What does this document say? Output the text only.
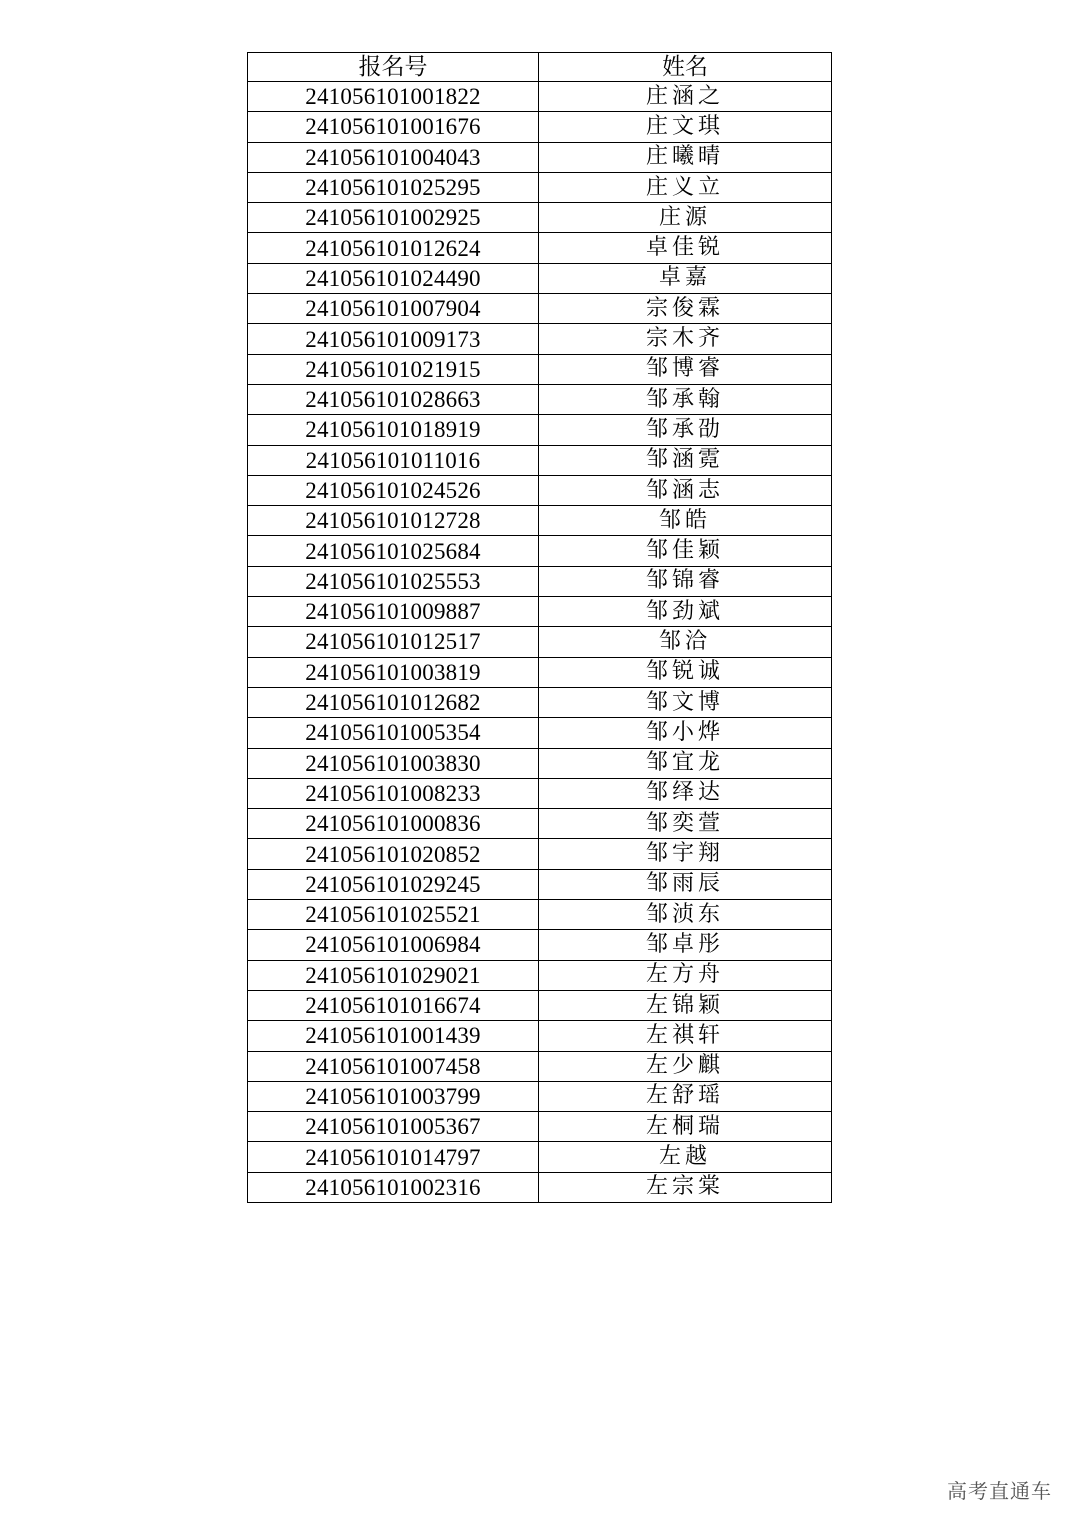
报名号	姓名
241056101001822	庄涵之
241056101001676	庄文琪
241056101004043	庄曦晴
241056101025295	庄义立
241056101002925	庄源
241056101012624	卓佳锐
241056101024490	卓嘉
241056101007904	宗俊霖
241056101009173	宗木齐
241056101021915	邹博睿
241056101028663	邹承翰
241056101018919	邹承劭
241056101011016	邹涵霓
241056101024526	邹涵志
241056101012728	邹皓
241056101025684	邹佳颖
241056101025553	邹锦睿
241056101009887	邹劲斌
241056101012517	邹洽
241056101003819	邹锐诚
241056101012682	邹文博
241056101005354	邹小烨
241056101003830	邹宜龙
241056101008233	邹绎达
241056101000836	邹奕萱
241056101020852	邹宇翔
241056101029245	邹雨辰
241056101025521	邹浈东
241056101006984	邹卓彤
241056101029021	左方舟
241056101016674	左锦颖
241056101001439	左祺轩
241056101007458	左少麒
241056101003799	左舒瑶
241056101005367	左桐瑞
241056101014797	左越
241056101002316	左宗棠
高考直通车
